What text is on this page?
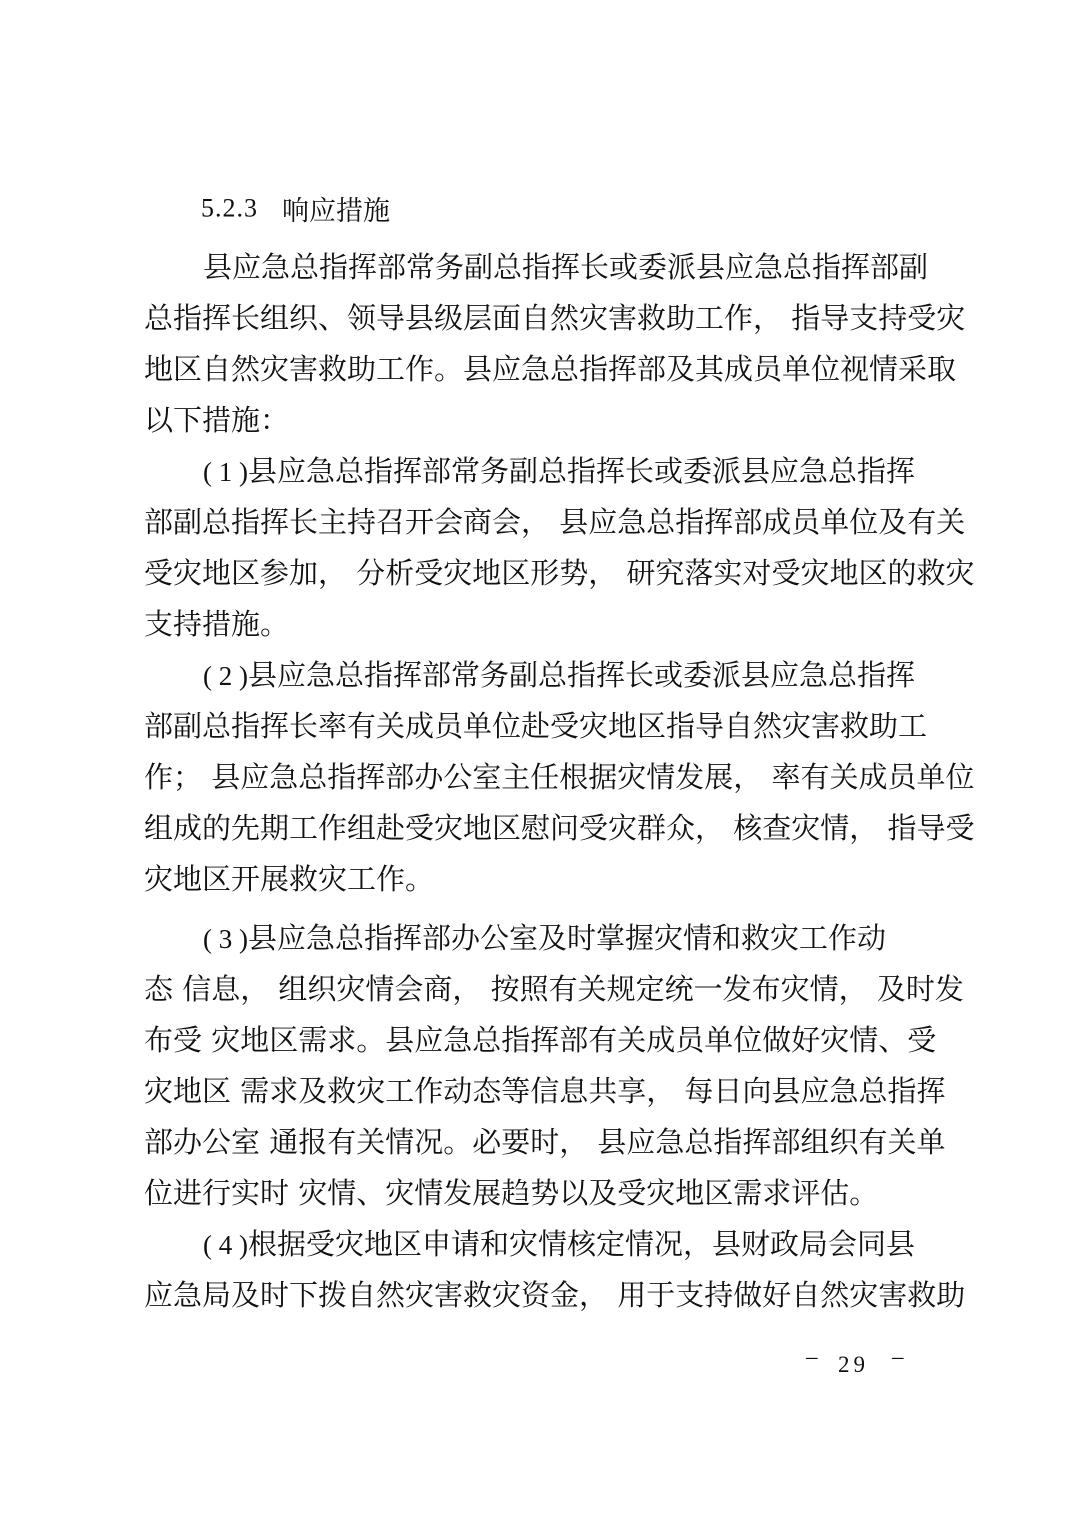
5.2.3 响应措施
县应急总指挥部常务副总指挥长或委派县应急总指挥部副
总指挥长组织、领导县级层面自然灾害救助工作， 指导支持受灾
地区自然灾害救助工作。县应急总指挥部及其成员单位视情采取
以下措施：
( 1 )县应急总指挥部常务副总指挥长或委派县应急总指挥
部副总指挥长主持召开会商会， 县应急总指挥部成员单位及有关
受灾地区参加， 分析受灾地区形势， 研究落实对受灾地区的救灾
支持措施。
( 2 )县应急总指挥部常务副总指挥长或委派县应急总指挥
部副总指挥长率有关成员单位赴受灾地区指导自然灾害救助工
作； 县应急总指挥部办公室主任根据灾情发展， 率有关成员单位
组成的先期工作组赴受灾地区慰问受灾群众， 核查灾情， 指导受
灾地区开展救灾工作。
( 3 )县应急总指挥部办公室及时掌握灾情和救灾工作动
态 信息， 组织灾情会商， 按照有关规定统一发布灾情， 及时发
布受 灾地区需求。县应急总指挥部有关成员单位做好灾情、受
灾地区 需求及救灾工作动态等信息共享， 每日向县应急总指挥
部办公室 通报有关情况。必要时， 县应急总指挥部组织有关单
位进行实时 灾情、灾情发展趋势以及受灾地区需求评估。
( 4 )根据受灾地区申请和灾情核定情况，县财政局会同县
应急局及时下拨自然灾害救灾资金， 用于支持做好自然灾害救助
– 29 –
